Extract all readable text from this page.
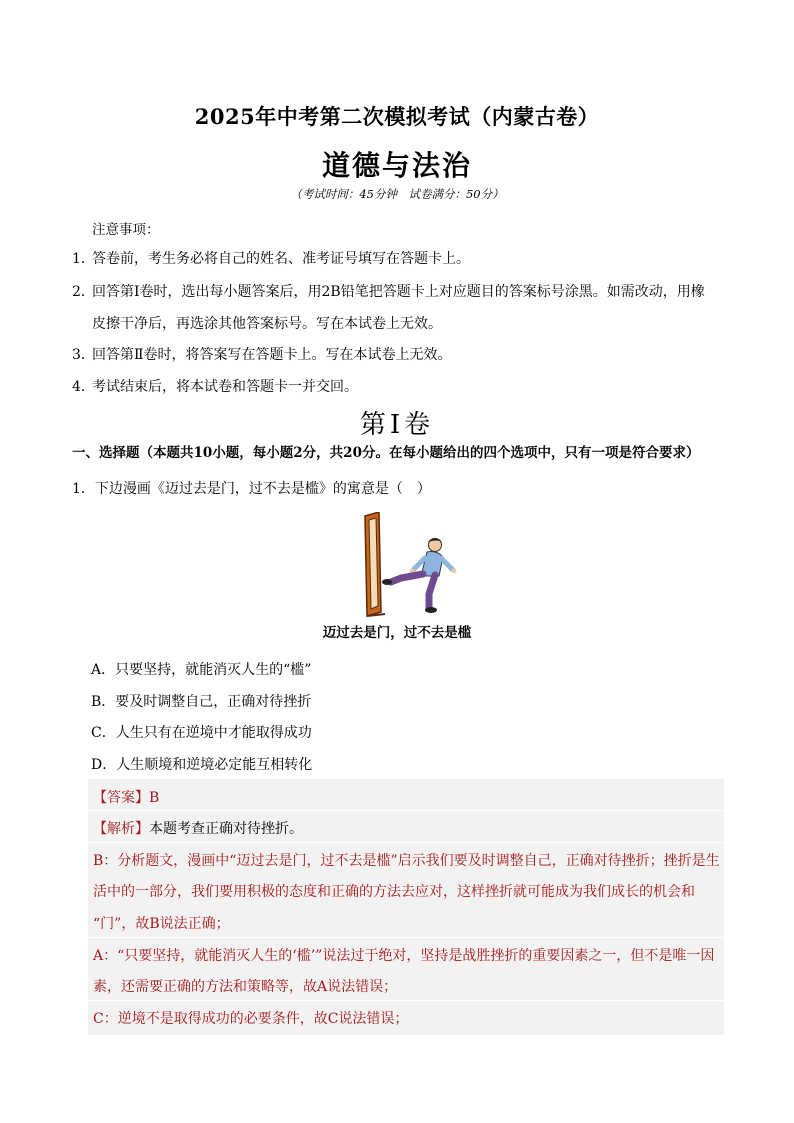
2025年中考第二次模拟考试（内蒙古卷）
道德与法治
（考试时间：45分钟　试卷满分：50分）
注意事项：
1．答卷前，考生务必将自己的姓名、准考证号填写在答题卡上。
2．回答第Ⅰ卷时，选出每小题答案后，用2B铅笔把答题卡上对应题目的答案标号涂黑。如需改动，用橡
皮擦干净后，再选涂其他答案标号。写在本试卷上无效。
3．回答第Ⅱ卷时，将答案写在答题卡上。写在本试卷上无效。
4．考试结束后，将本试卷和答题卡一并交回。
第Ⅰ卷
一、选择题（本题共10小题，每小题2分，共20分。在每小题给出的四个选项中，只有一项是符合要求）
1．下边漫画《迈过去是门，过不去是槛》的寓意是（　）
迈过去是门，过不去是槛
A．只要坚持，就能消灭人生的“槛”
B．要及时调整自己，正确对待挫折
C．人生只有在逆境中才能取得成功
D．人生顺境和逆境必定能互相转化
【答案】B
【解析】本题考查正确对待挫折。
B：分析题文，漫画中“迈过去是门，过不去是槛”启示我们要及时调整自己，正确对待挫折；挫折是生
活中的一部分，我们要用积极的态度和正确的方法去应对，这样挫折就可能成为我们成长的机会和
“门”，故B说法正确；
A：“只要坚持，就能消灭人生的‘槛’”说法过于绝对，坚持是战胜挫折的重要因素之一，但不是唯一因
素，还需要正确的方法和策略等，故A说法错误；
C：逆境不是取得成功的必要条件，故C说法错误；
